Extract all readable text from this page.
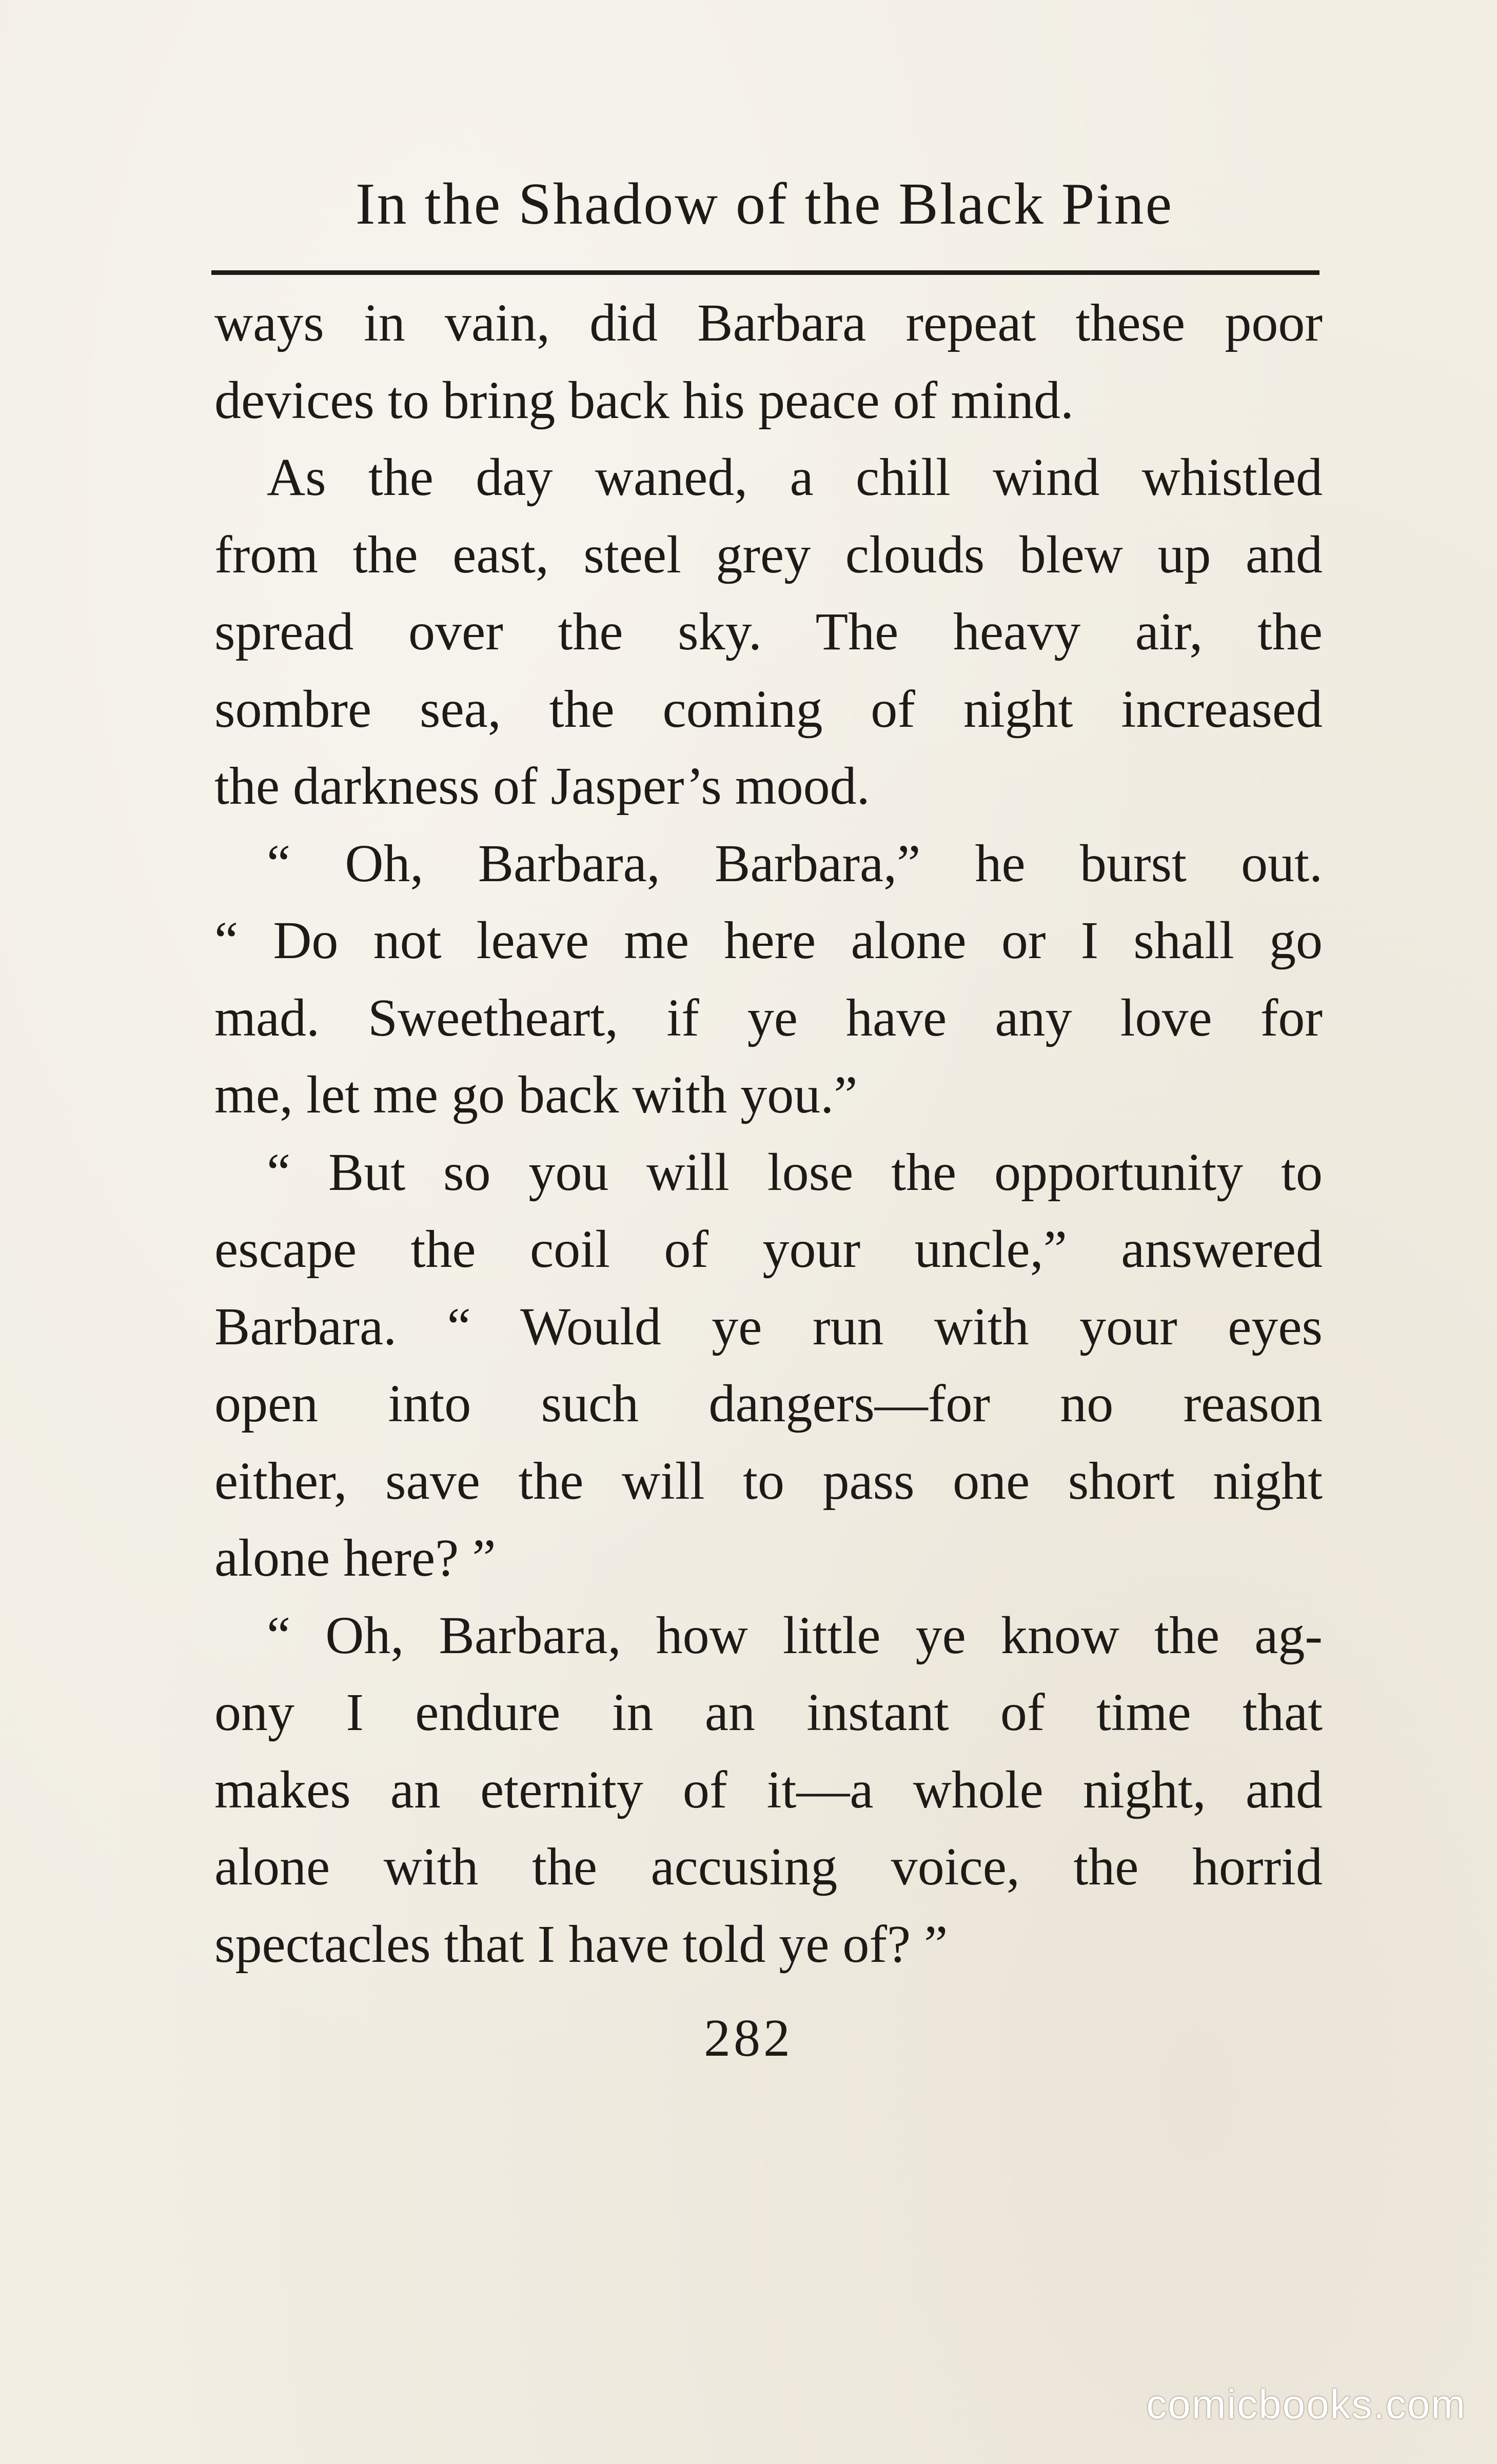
In the Shadow of the Black Pine
ways in vain, did Barbara repeat these poor
devices to bring back his peace of mind.
As the day waned, a chill wind whistled
from the east, steel grey clouds blew up and
spread over the sky. The heavy air, the
sombre sea, the coming of night increased
the darkness of Jasper’s mood.
“ Oh, Barbara, Barbara,” he burst out.
“ Do not leave me here alone or I shall go
mad. Sweetheart, if ye have any love for
me, let me go back with you.”
“ But so you will lose the opportunity to
escape the coil of your uncle,” answered
Barbara. “ Would ye run with your eyes
open into such dangers—for no reason
either, save the will to pass one short night
alone here? ”
“ Oh, Barbara, how little ye know the ag-
ony I endure in an instant of time that
makes an eternity of it—a whole night, and
alone with the accusing voice, the horrid
spectacles that I have told ye of? ”
282
comicbooks.com
